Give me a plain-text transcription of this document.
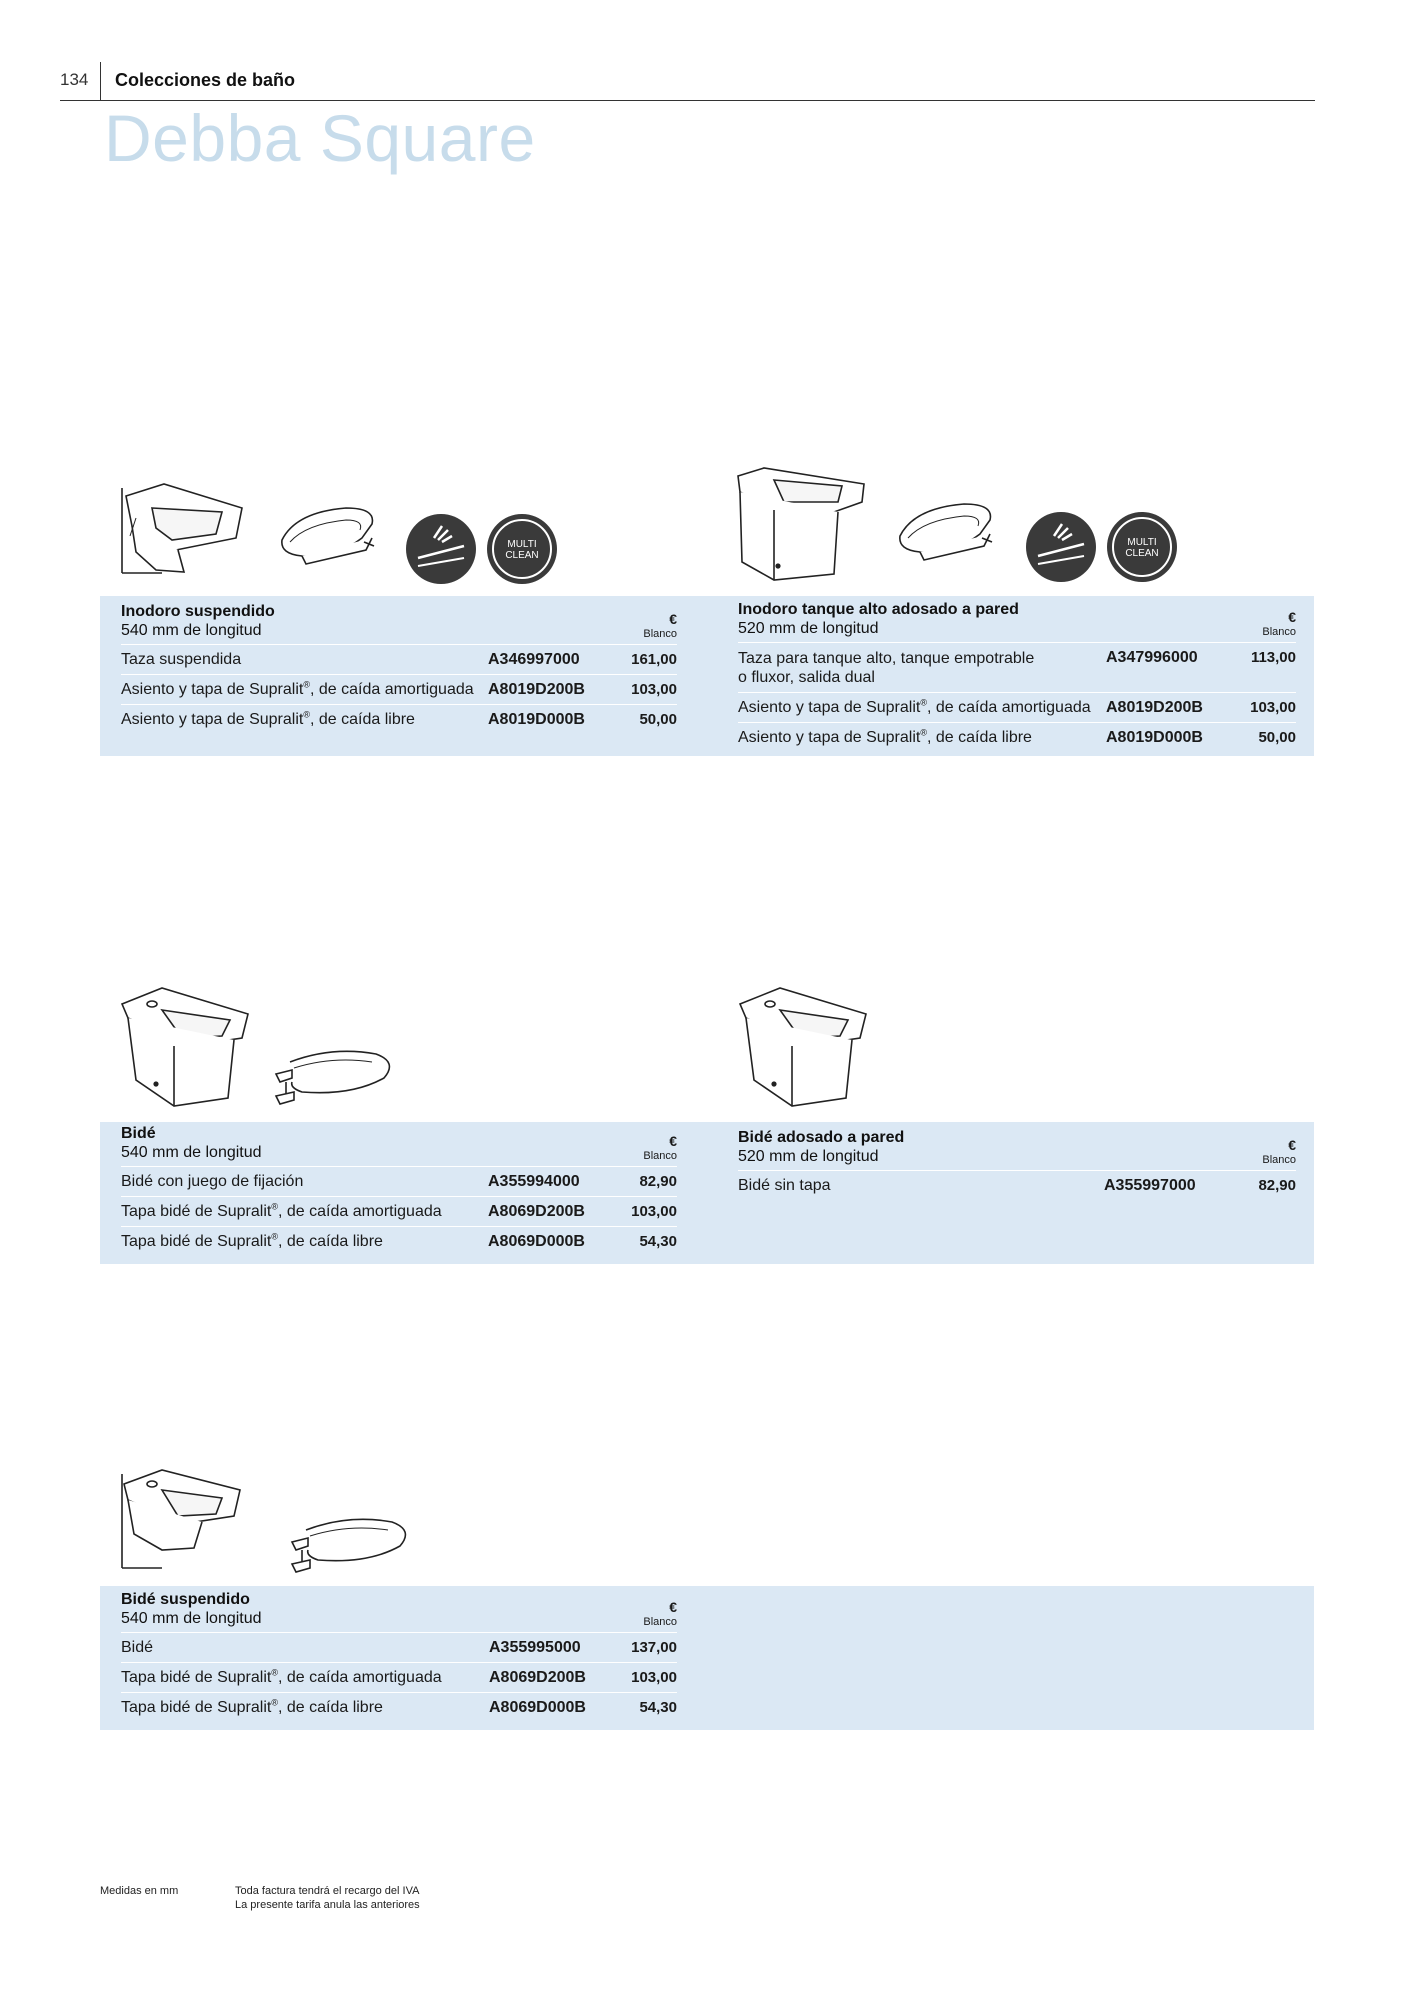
134 Colecciones de baño
Debba Square
MULTI
CLEAN
MULTI
CLEAN
Inodoro suspendido
540 mm de longitud
€
Blanco
Taza suspendida	A346997000	161,00
Asiento y tapa de Supralit®, de caída amortiguada A8019D200B	103,00
Asiento y tapa de Supralit®, de caída libre	A8019D000B	50,00
Inodoro tanque alto adosado a pared
520 mm de longitud
€
Blanco
Taza para tanque alto, tanque empotrable
o fluxor, salida dual
A347996000	113,00
Asiento y tapa de Supralit®, de caída amortiguada A8019D200B	103,00
Asiento y tapa de Supralit®, de caída libre	A8019D000B	50,00
Bidé
540 mm de longitud
€
Blanco
Bidé con juego de fijación	A355994000	82,90
Tapa bidé de Supralit®, de caída amortiguada	A8069D200B	103,00
Tapa bidé de Supralit®, de caída libre	A8069D000B	54,30
Bidé adosado a pared
520 mm de longitud
€
Blanco
Bidé sin tapa	A355997000	82,90
Bidé suspendido
540 mm de longitud
€
Blanco
Bidé	A355995000	137,00
Tapa bidé de Supralit®, de caída amortiguada	A8069D200B	103,00
Tapa bidé de Supralit®, de caída libre	A8069D000B	54,30
Medidas en mm	Toda factura tendrá el recargo del IVA
La presente tarifa anula las anteriores
